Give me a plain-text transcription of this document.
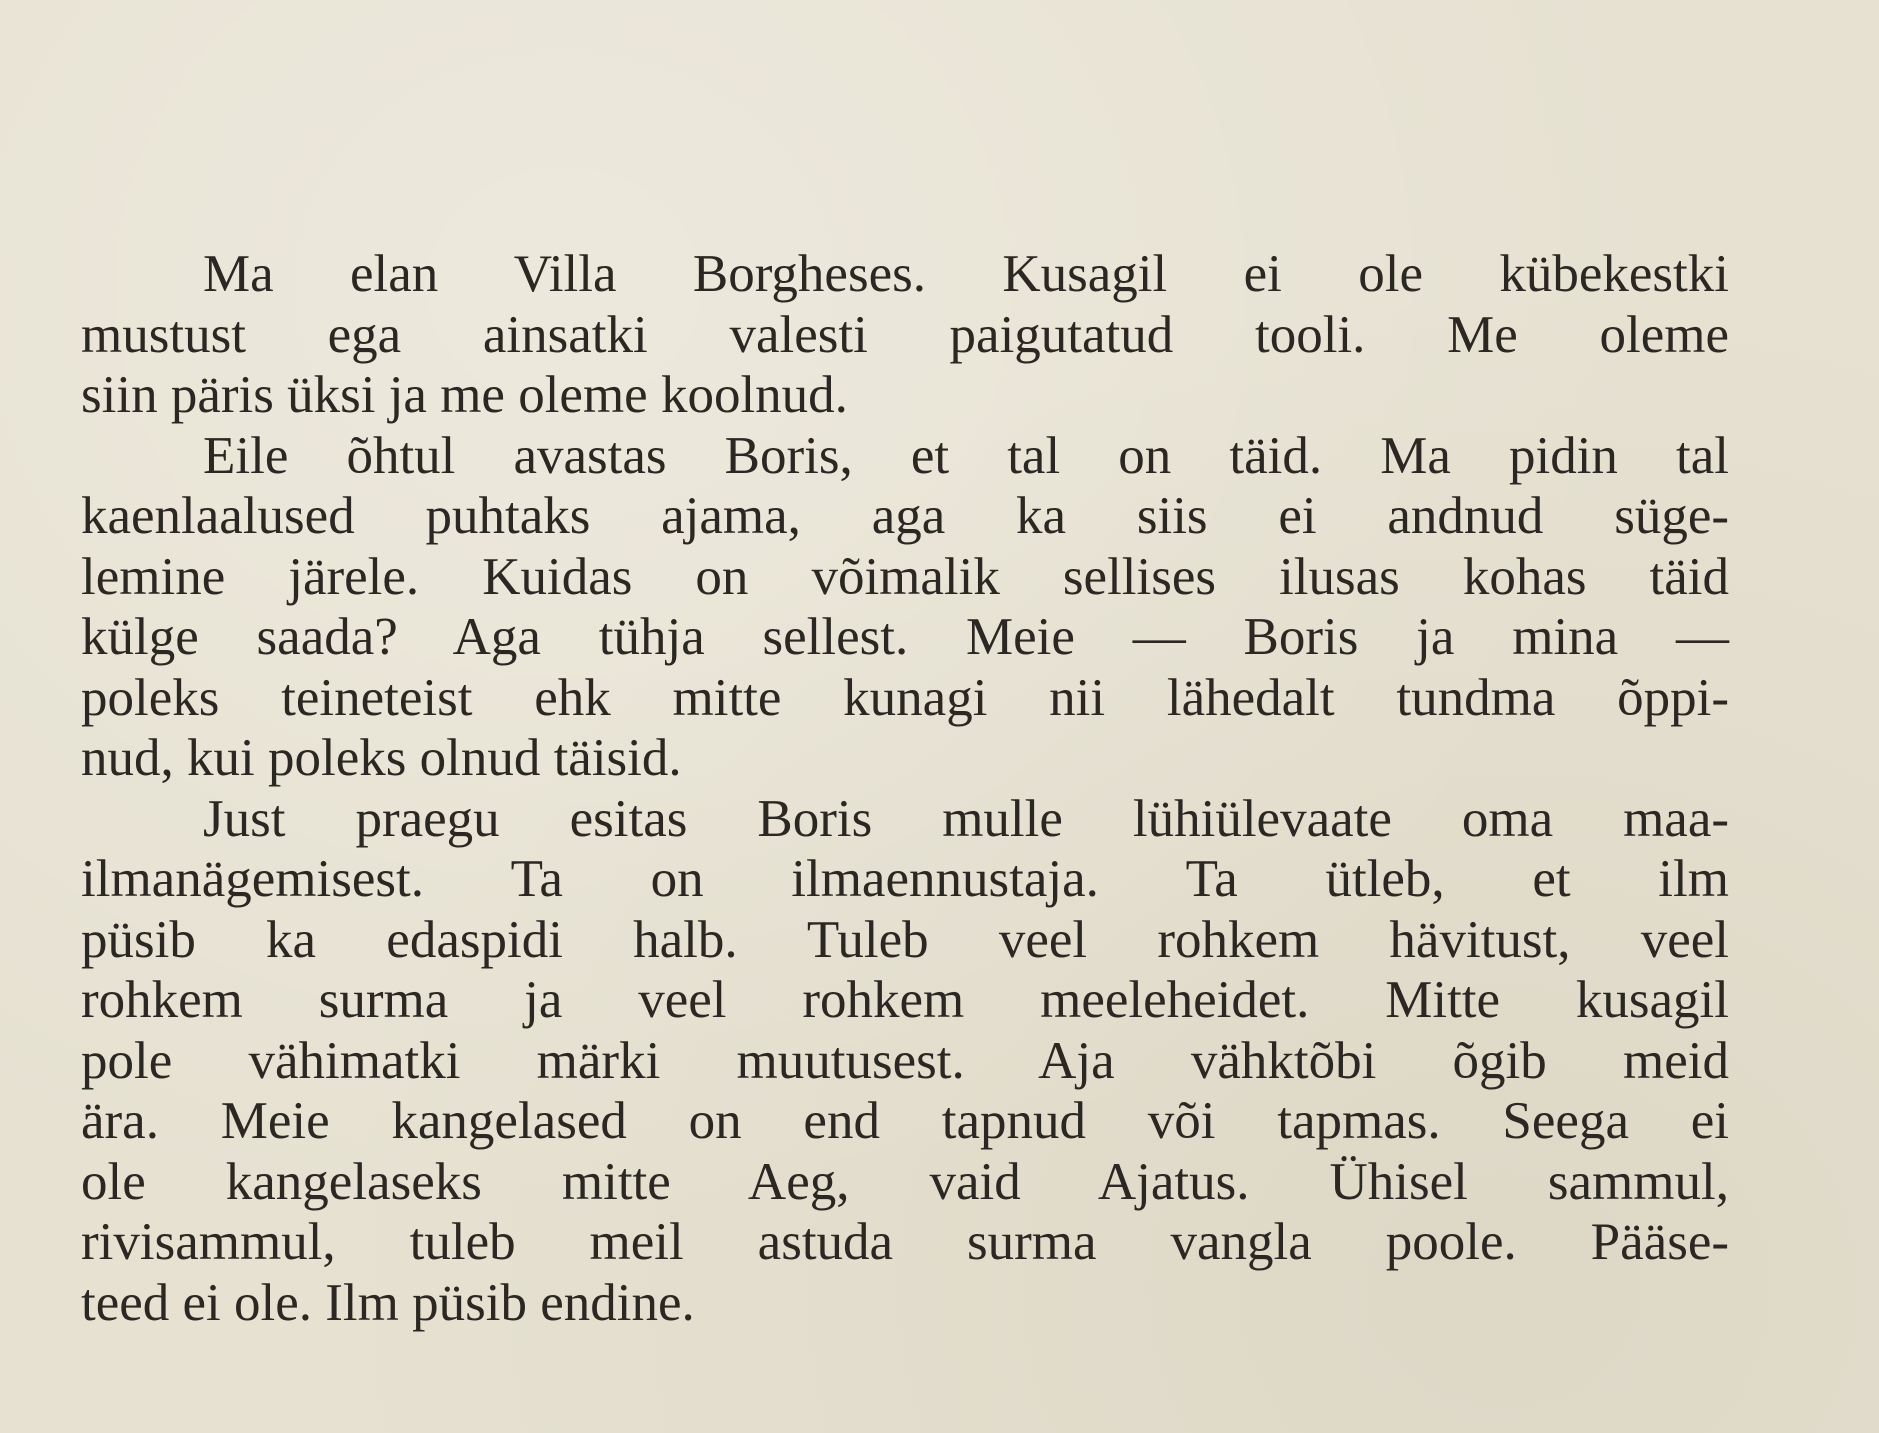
Ma elan Villa Borgheses. Kusagil ei ole kübekestki
mustust ega ainsatki valesti paigutatud tooli. Me oleme
siin päris üksi ja me oleme koolnud.

Eile õhtul avastas Boris, et tal on täid. Ma pidin tal
kaenlaalused puhtaks ajama, aga ka siis ei andnud süge-
lemine järele. Kuidas on võimalik sellises ilusas kohas täid
külge saada? Aga tühja sellest. Meie — Boris ja mina —
poleks teineteist ehk mitte kunagi nii lähedalt tundma õppi-
nud, kui poleks olnud täisid.

Just praegu esitas Boris mulle lühiülevaate oma maa-
ilmanägemisest. Ta on ilmaennustaja. Ta ütleb, et ilm
püsib ka edaspidi halb. Tuleb veel rohkem hävitust, veel
rohkem surma ja veel rohkem meeleheidet. Mitte kusagil
pole vähimatki märki muutusest. Aja vähktõbi õgib meid
ära. Meie kangelased on end tapnud või tapmas. Seega ei
ole kangelaseks mitte Aeg, vaid Ajatus. Ühisel sammul,
rivisammul, tuleb meil astuda surma vangla poole. Pääse-
teed ei ole. Ilm püsib endine.
